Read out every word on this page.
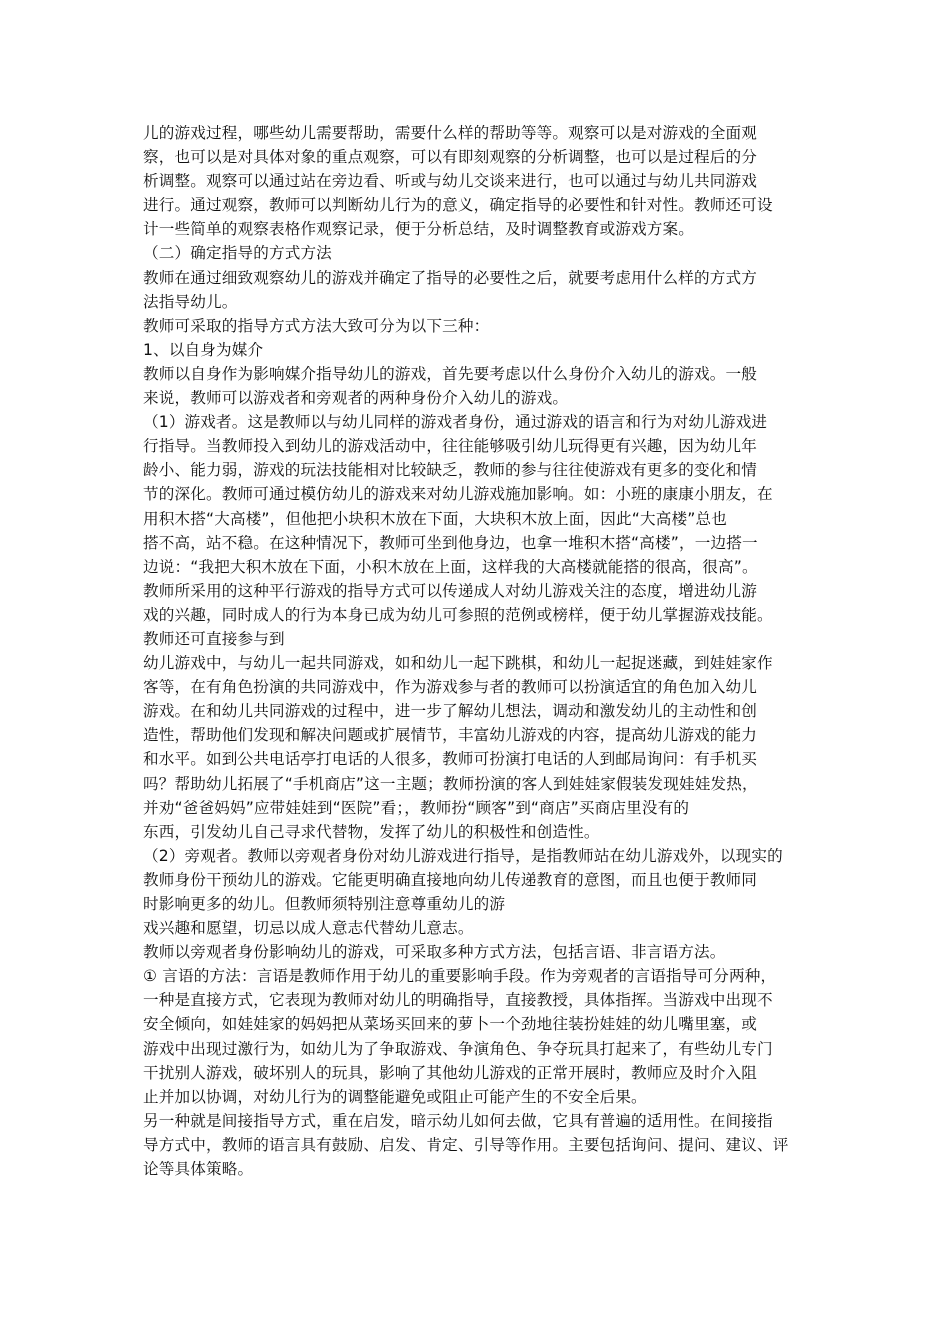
儿的游戏过程，哪些幼儿需要帮助，需要什么样的帮助等等。观察可以是对游戏的全面观
察，也可以是对具体对象的重点观察，可以有即刻观察的分析调整，也可以是过程后的分
析调整。观察可以通过站在旁边看、听或与幼儿交谈来进行，也可以通过与幼儿共同游戏
进行。通过观察，教师可以判断幼儿行为的意义，确定指导的必要性和针对性。教师还可设
计一些简单的观察表格作观察记录，便于分析总结，及时调整教育或游戏方案。
（二）确定指导的方式方法
教师在通过细致观察幼儿的游戏并确定了指导的必要性之后，就要考虑用什么样的方式方
法指导幼儿。
教师可采取的指导方式方法大致可分为以下三种：
1、以自身为媒介
教师以自身作为影响媒介指导幼儿的游戏，首先要考虑以什么身份介入幼儿的游戏。一般
来说，教师可以游戏者和旁观者的两种身份介入幼儿的游戏。
（1）游戏者。这是教师以与幼儿同样的游戏者身份，通过游戏的语言和行为对幼儿游戏进
行指导。当教师投入到幼儿的游戏活动中，往往能够吸引幼儿玩得更有兴趣，因为幼儿年
龄小、能力弱，游戏的玩法技能相对比较缺乏，教师的参与往往使游戏有更多的变化和情
节的深化。教师可通过模仿幼儿的游戏来对幼儿游戏施加影响。如：小班的康康小朋友，在
用积木搭“大高楼”，但他把小块积木放在下面，大块积木放上面，因此“大高楼”总也
搭不高，站不稳。在这种情况下，教师可坐到他身边，也拿一堆积木搭“高楼”，一边搭一
边说：“我把大积木放在下面，小积木放在上面，这样我的大高楼就能搭的很高，很高”。
教师所采用的这种平行游戏的指导方式可以传递成人对幼儿游戏关注的态度，增进幼儿游
戏的兴趣，同时成人的行为本身已成为幼儿可参照的范例或榜样，便于幼儿掌握游戏技能。
教师还可直接参与到
幼儿游戏中，与幼儿一起共同游戏，如和幼儿一起下跳棋，和幼儿一起捉迷藏，到娃娃家作
客等，在有角色扮演的共同游戏中，作为游戏参与者的教师可以扮演适宜的角色加入幼儿
游戏。在和幼儿共同游戏的过程中，进一步了解幼儿想法，调动和激发幼儿的主动性和创
造性，帮助他们发现和解决问题或扩展情节，丰富幼儿游戏的内容，提高幼儿游戏的能力
和水平。如到公共电话亭打电话的人很多，教师可扮演打电话的人到邮局询问：有手机买
吗？帮助幼儿拓展了“手机商店”这一主题；教师扮演的客人到娃娃家假装发现娃娃发热，
并劝“爸爸妈妈”应带娃娃到“医院”看；，教师扮“顾客”到“商店”买商店里没有的
东西，引发幼儿自己寻求代替物，发挥了幼儿的积极性和创造性。
（2）旁观者。教师以旁观者身份对幼儿游戏进行指导，是指教师站在幼儿游戏外，以现实的
教师身份干预幼儿的游戏。它能更明确直接地向幼儿传递教育的意图，而且也便于教师同
时影响更多的幼儿。但教师须特别注意尊重幼儿的游
戏兴趣和愿望，切忌以成人意志代替幼儿意志。
教师以旁观者身份影响幼儿的游戏，可采取多种方式方法，包括言语、非言语方法。
① 言语的方法：言语是教师作用于幼儿的重要影响手段。作为旁观者的言语指导可分两种，
一种是直接方式，它表现为教师对幼儿的明确指导，直接教授，具体指挥。当游戏中出现不
安全倾向，如娃娃家的妈妈把从菜场买回来的萝卜一个劲地往装扮娃娃的幼儿嘴里塞，或
游戏中出现过激行为，如幼儿为了争取游戏、争演角色、争夺玩具打起来了，有些幼儿专门
干扰别人游戏，破坏别人的玩具，影响了其他幼儿游戏的正常开展时，教师应及时介入阻
止并加以协调，对幼儿行为的调整能避免或阻止可能产生的不安全后果。
另一种就是间接指导方式，重在启发，暗示幼儿如何去做，它具有普遍的适用性。在间接指
导方式中，教师的语言具有鼓励、启发、肯定、引导等作用。主要包括询问、提问、建议、评
论等具体策略。
